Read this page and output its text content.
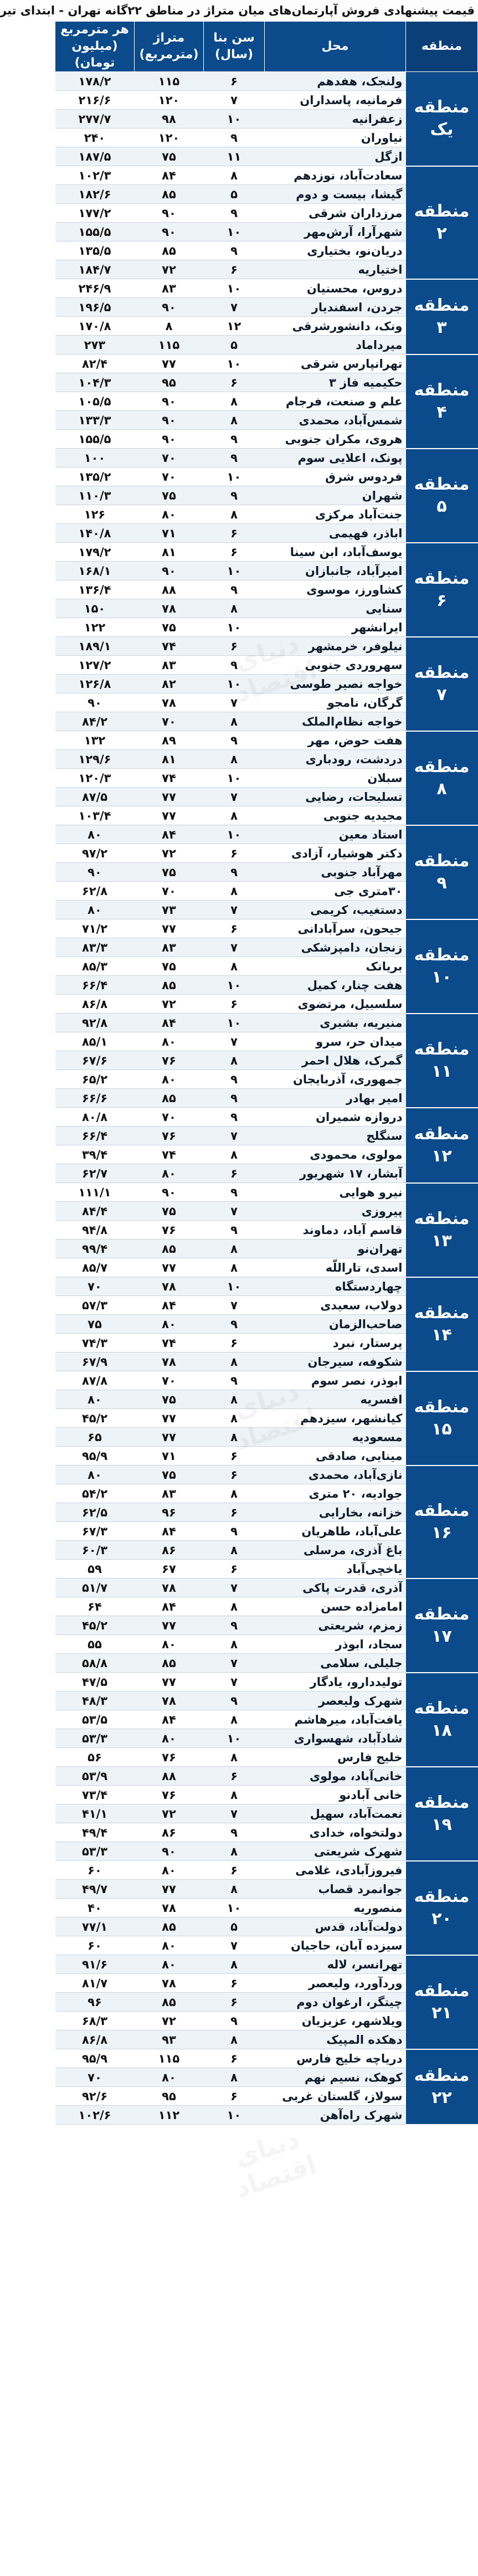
قیمت پیشنهادی فروش آپارتمان‌های میان متراژ در مناطق ۲۲گانه تهران - ابتدای تیر
منطقه	محل	سن بنا (سال)	متراژ (مترمربع)	هر مترمربع (میلیون تومان)
منطقه یک	ولنجک، هفدهم	۶	۱۱۵	۱۷۸/۲
	فرمانیه، پاسداران	۷	۱۲۰	۲۱۶/۶
	زعفرانیه	۱۰	۹۸	۲۷۷/۷
	نیاوران	۹	۱۲۰	۲۴۰
	ازگل	۱۱	۷۵	۱۸۷/۵
منطقه ۲	سعادت‌آباد، نوزدهم	۸	۸۴	۱۰۲/۳
	گیشا، بیست و دوم	۵	۸۵	۱۸۲/۶
	مرزداران شرقی	۹	۹۰	۱۷۷/۲
	شهرآرا، آرش‌مهر	۱۰	۹۰	۱۵۵/۵
	دریان‌نو، بختیاری	۹	۸۵	۱۳۵/۵
	اختیاریه	۶	۷۲	۱۸۴/۷
منطقه ۳	دروس، محسنیان	۱۰	۸۳	۲۴۶/۹
	جردن، اسفندیار	۷	۹۰	۱۹۶/۵
	ونک، دانشورشرقی	۱۲	۸	۱۷۰/۸
	میرداماد	۵	۱۱۵	۲۷۳
منطقه ۴	تهرانپارس شرقی	۱۰	۷۷	۸۲/۴
	حکیمیه فاز ۳	۶	۹۵	۱۰۴/۳
	علم و صنعت، فرجام	۸	۹۰	۱۰۵/۵
	شمس‌آباد، محمدی	۸	۹۰	۱۳۳/۳
	هروی، مکران جنوبی	۹	۹۰	۱۵۵/۵
منطقه ۵	پونک، اعلایی سوم	۹	۷۰	۱۰۰
	فردوس شرق	۱۰	۷۰	۱۳۵/۲
	شهران	۹	۷۵	۱۱۰/۳
	جنت‌آباد مرکزی	۸	۸۰	۱۲۶
	اباذر، فهیمی	۶	۷۱	۱۴۰/۸
منطقه ۶	یوسف‌آباد، ابن سینا	۶	۸۱	۱۷۹/۲
	امیرآباد، جانبازان	۱۰	۹۰	۱۶۸/۱
	کشاورز، موسوی	۹	۸۸	۱۳۶/۴
	سنایی	۸	۷۸	۱۵۰
	ایرانشهر	۱۰	۷۵	۱۲۲
منطقه ۷	نیلوفر، خرمشهر	۶	۷۴	۱۸۹/۱
	سهروردی جنوبی	۹	۸۳	۱۲۷/۲
	خواجه نصیر طوسی	۱۰	۸۲	۱۲۶/۸
	گرگان، نامجو	۷	۷۸	۹۰
	خواجه نظام‌الملک	۸	۷۰	۸۴/۲
منطقه ۸	هفت حوض، مهر	۹	۸۹	۱۳۲
	دردشت، رودباری	۸	۸۱	۱۲۹/۶
	سبلان	۱۰	۷۴	۱۲۰/۳
	تسلیحات، رضایی	۷	۷۷	۸۷/۵
	مجیدیه جنوبی	۸	۷۷	۱۰۳/۴
منطقه ۹	استاد معین	۱۰	۸۴	۸۰
	دکتر هوشیار، آزادی	۶	۷۲	۹۷/۲
	مهرآباد جنوبی	۹	۷۵	۹۰
	۳۰متری جی	۸	۷۰	۶۲/۸
	دستغیب، کریمی	۷	۷۳	۸۰
منطقه ۱۰	جیحون، سرآبادانی	۶	۷۷	۷۱/۲
	زنجان، دامپزشکی	۷	۸۳	۸۳/۳
	بریانک	۸	۷۵	۸۵/۳
	هفت چنار، کمیل	۱۰	۸۵	۶۶/۴
	سلسبیل، مرتضوی	۶	۷۲	۸۶/۸
منطقه ۱۱	منیریه، بشیری	۱۰	۸۴	۹۲/۸
	میدان حر، سرو	۷	۸۰	۸۵/۱
	گمرک، هلال احمر	۸	۷۶	۶۷/۶
	جمهوری، آذربایجان	۹	۸۰	۶۵/۲
	امیر بهادر	۹	۸۵	۶۶/۶
منطقه ۱۲	دروازه شمیران	۹	۷۰	۸۰/۸
	سنگلج	۷	۷۶	۶۶/۴
	مولوی، محمودی	۸	۷۴	۳۹/۴
	آبشار، ۱۷ شهریور	۶	۸۰	۶۲/۷
منطقه ۱۳	نیرو هوایی	۹	۹۰	۱۱۱/۱
	پیروزی	۷	۷۵	۸۴/۴
	قاسم آباد، دماوند	۹	۷۶	۹۴/۸
	تهران‌نو	۸	۸۵	۹۹/۴
	اسدی، تاراللّه	۸	۷۷	۸۵/۷
منطقه ۱۴	چهاردستگاه	۱۰	۷۸	۷۰
	دولاب، سعیدی	۷	۸۴	۵۷/۳
	صاحب‌الزمان	۹	۸۰	۷۵
	پرستار، نبرد	۶	۷۴	۷۴/۳
	شکوفه، سیرجان	۸	۷۸	۶۷/۹
منطقه ۱۵	ابوذر، نصر سوم	۹	۷۰	۸۷/۸
	افسریه	۸	۷۵	۸۰
	کیانشهر، سیزدهم	۸	۷۷	۴۵/۲
	مسعودیه	۸	۷۷	۶۵
	مینایی، صادقی	۶	۷۱	۹۵/۹
منطقه ۱۶	نازی‌آباد، محمدی	۶	۷۵	۸۰
	جوادیه، ۲۰ متری	۸	۸۳	۵۴/۲
	خزانه، بخارایی	۶	۹۶	۶۲/۵
	علی‌آباد، طاهریان	۹	۸۴	۶۷/۳
	باغ آذری، مرسلی	۸	۸۶	۶۰/۳
	یاخچی‌آباد	۶	۶۷	۵۹
منطقه ۱۷	آذری، قدرت پاکی	۷	۷۸	۵۱/۷
	امامزاده حسن	۸	۸۴	۶۴
	زمزم، شریعتی	۹	۷۷	۴۵/۲
	سجاد، ابوذر	۸	۸۰	۵۵
	جلیلی، سلامی	۷	۸۵	۵۸/۸
منطقه ۱۸	تولیددارو، یادگار	۷	۷۷	۴۷/۵
	شهرک ولیعصر	۹	۷۸	۴۸/۳
	یافت‌آباد، میرهاشم	۸	۸۴	۵۳/۵
	شادآباد، شهسواری	۱۰	۸۰	۵۳/۳
	خلیج فارس	۸	۷۶	۵۶
منطقه ۱۹	خانی‌آباد، مولوی	۶	۸۸	۵۳/۹
	خانی آبادنو	۸	۷۶	۷۳/۴
	نعمت‌آباد، سهیل	۷	۷۲	۴۱/۱
	دولتخواه، خدادی	۹	۸۶	۴۹/۴
	شهرک شریعتی	۸	۹۰	۵۳/۳
منطقه ۲۰	فیروزآبادی، غلامی	۶	۸۰	۶۰
	جوانمرد قصاب	۸	۷۷	۴۹/۷
	منصوریه	۱۰	۷۸	۴۰
	دولت‌آباد، قدس	۵	۸۵	۷۷/۱
	سیزده آبان، حاجیان	۷	۸۰	۶۰
منطقه ۲۱	تهرانسر، لاله	۸	۸۰	۹۱/۶
	وردآورد، ولیعصر	۶	۷۸	۸۱/۷
	چیتگر، ارغوان دوم	۶	۸۵	۹۶
	ویلاشهر، عزیزیان	۹	۷۲	۶۸/۳
	دهکده المپیک	۸	۹۳	۸۶/۸
منطقه ۲۲	دریاچه خلیج فارس	۶	۱۱۵	۹۵/۹
	کوهک، نسیم نهم	۸	۸۰	۷۰
	سولاز، گلستان غربی	۶	۹۵	۹۲/۶
	شهرک راه‌آهن	۱۰	۱۱۲	۱۰۲/۶
